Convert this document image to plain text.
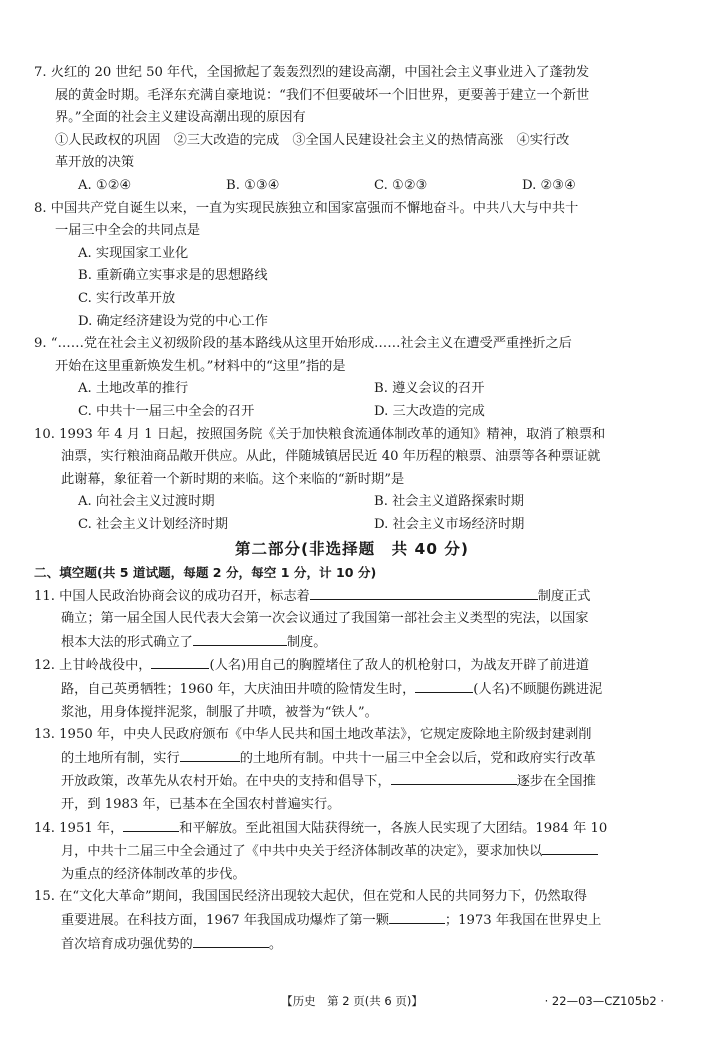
7. 火红的 20 世纪 50 年代，全国掀起了轰轰烈烈的建设高潮，中国社会主义事业进入了蓬勃发

展的黄金时期。毛泽东充满自豪地说：“我们不但要破坏一个旧世界，更要善于建立一个新世

界。”全面的社会主义建设高潮出现的原因有

①人民政权的巩固　②三大改造的完成　③全国人民建设社会主义的热情高涨　④实行改

革开放的决策

A. ①②④	B. ①③④	C. ①②③	D. ②③④

8. 中国共产党自诞生以来，一直为实现民族独立和国家富强而不懈地奋斗。中共八大与中共十

一届三中全会的共同点是

A. 实现国家工业化

B. 重新确立实事求是的思想路线

C. 实行改革开放

D. 确定经济建设为党的中心工作

9. “……党在社会主义初级阶段的基本路线从这里开始形成……社会主义在遭受严重挫折之后

开始在这里重新焕发生机。”材料中的“这里”指的是

A. 土地改革的推行	B. 遵义会议的召开
C. 中共十一届三中全会的召开	D. 三大改造的完成

10. 1993 年 4 月 1 日起，按照国务院《关于加快粮食流通体制改革的通知》精神，取消了粮票和

油票，实行粮油商品敞开供应。从此，伴随城镇居民近 40 年历程的粮票、油票等各种票证就

此谢幕，象征着一个新时期的来临。这个来临的“新时期”是

A. 向社会主义过渡时期	B. 社会主义道路探索时期
C. 社会主义计划经济时期	D. 社会主义市场经济时期

第二部分(非选择题　共 40 分)

二、填空题(共 5 道试题，每题 2 分，每空 1 分，计 10 分)

11. 中国人民政治协商会议的成功召开，标志着	制度正式

确立；第一届全国人民代表大会第一次会议通过了我国第一部社会主义类型的宪法，以国家

根本大法的形式确立了	制度。

12. 上甘岭战役中，	(人名)用自己的胸膛堵住了敌人的机枪射口，为战友开辟了前进道

路，自己英勇牺牲；1960 年，大庆油田井喷的险情发生时，	(人名)不顾腿伤跳进泥

浆池，用身体搅拌泥浆，制服了井喷，被誉为“铁人”。

13. 1950 年，中央人民政府颁布《中华人民共和国土地改革法》，它规定废除地主阶级封建剥削

的土地所有制，实行	的土地所有制。中共十一届三中全会以后，党和政府实行改革

开放政策，改革先从农村开始。在中央的支持和倡导下，	逐步在全国推

开，到 1983 年，已基本在全国农村普遍实行。

14. 1951 年，	和平解放。至此祖国大陆获得统一，各族人民实现了大团结。1984 年 10

月，中共十二届三中全会通过了《中共中央关于经济体制改革的决定》，要求加快以

为重点的经济体制改革的步伐。

15. 在“文化大革命”期间，我国国民经济出现较大起伏，但在党和人民的共同努力下，仍然取得

重要进展。在科技方面，1967 年我国成功爆炸了第一颗	；1973 年我国在世界史上

首次培育成功强优势的	。

【历史　第 2 页(共 6 页)】	· 22—03—CZ105b2 ·
